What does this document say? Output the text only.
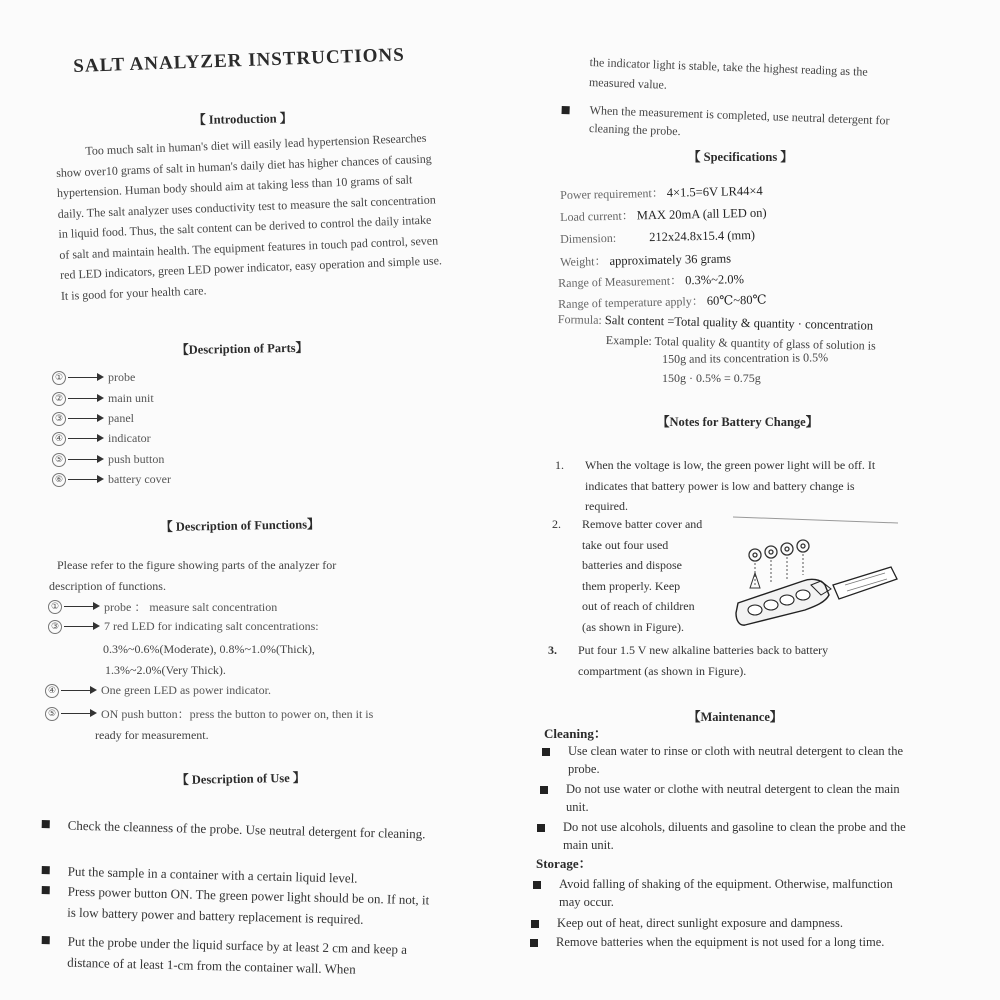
SALT ANALYZER INSTRUCTIONS
【 Introduction 】
Too much salt in human's diet will easily lead hypertension Researches show over10 grams of salt in human's daily diet has higher chances of causing hypertension. Human body should aim at taking less than 10 grams of salt daily. The salt analyzer uses conductivity test to measure the salt concentration in liquid food. Thus, the salt content can be derived to control the daily intake of salt and maintain health. The equipment features in touch pad control, seven red LED indicators, green LED power indicator, easy operation and simple use. It is good for your health care.
【Description of Parts】
①	probe
②	main unit
③	panel
④	indicator
⑤	push button
⑥	battery cover
【 Description of Functions】
Please refer to the figure showing parts of the analyzer for
description of functions.
①	probe ： measure salt concentration
③	7 red LED for indicating salt concentrations:
0.3%~0.6%(Moderate), 0.8%~1.0%(Thick),
1.3%~2.0%(Very Thick).
④	One green LED as power indicator.
⑤	ON push button：press the button to power on, then it is
ready for measurement.
【 Description of Use 】
Check the cleanness of the probe. Use neutral detergent for cleaning.
Put the sample in a container with a certain liquid level.
Press power button ON. The green power light should be on. If not, it is low battery power and battery replacement is required.
Put the probe under the liquid surface by at least 2 cm and keep a distance of at least 1-cm from the container wall. When
the indicator light is stable, take the highest reading as the measured value.
When the measurement is completed, use neutral detergent for cleaning the probe.
【 Specifications 】
Power requirement： 4×1.5=6V LR44×4
Load current： MAX 20mA (all LED on)
Dimension:	212x24.8x15.4 (mm)
Weight： approximately 36 grams
Range of Measurement： 0.3%~2.0%
Range of temperature apply： 60℃~80℃
Formula: Salt content =Total quality & quantity · concentration
Example: Total quality & quantity of glass of solution is
150g and its concentration is 0.5%
150g · 0.5% = 0.75g
【Notes for Battery Change】
1. When the voltage is low, the green power light will be off. It
indicates that battery power is low and battery change is
required.
2. Remove batter cover and
take out four used
batteries and dispose
them properly. Keep
out of reach of children
(as shown in Figure).
3. Put four 1.5 V new alkaline batteries back to battery
compartment (as shown in Figure).
【Maintenance】
Cleaning：
Use clean water to rinse or cloth with neutral detergent to clean the probe.
Do not use water or clothe with neutral detergent to clean the main unit.
Do not use alcohols, diluents and gasoline to clean the probe and the main unit.
Storage：
Avoid falling of shaking of the equipment. Otherwise, malfunction may occur.
Keep out of heat, direct sunlight exposure and dampness.
Remove batteries when the equipment is not used for a long time.
